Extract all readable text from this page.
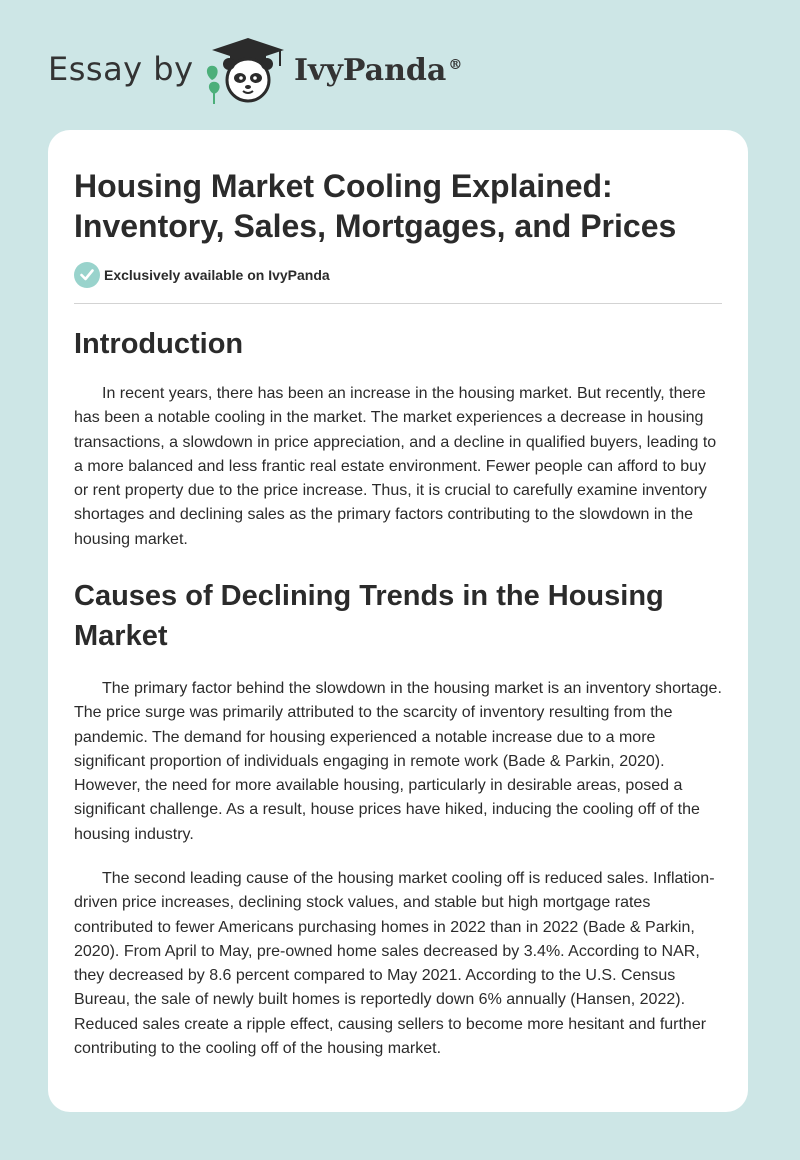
Essay by	IvyPanda ®
Housing Market Cooling Explained: Inventory, Sales, Mortgages, and Prices
Exclusively available on IvyPanda
Introduction

In recent years, there has been an increase in the housing market. But recently, there has been a notable cooling in the market. The market experiences a decrease in housing transactions, a slowdown in price appreciation, and a decline in qualified buyers, leading to a more balanced and less frantic real estate environment. Fewer people can afford to buy or rent property due to the price increase. Thus, it is crucial to carefully examine inventory shortages and declining sales as the primary factors contributing to the slowdown in the housing market.

Causes of Declining Trends in the Housing Market

The primary factor behind the slowdown in the housing market is an inventory shortage. The price surge was primarily attributed to the scarcity of inventory resulting from the pandemic. The demand for housing experienced a notable increase due to a more significant proportion of individuals engaging in remote work (Bade & Parkin, 2020). However, the need for more available housing, particularly in desirable areas, posed a significant challenge. As a result, house prices have hiked, inducing the cooling off of the housing industry.

The second leading cause of the housing market cooling off is reduced sales. Inflation-driven price increases, declining stock values, and stable but high mortgage rates contributed to fewer Americans purchasing homes in 2022 than in 2022 (Bade & Parkin, 2020). From April to May, pre-owned home sales decreased by 3.4%. According to NAR, they decreased by 8.6 percent compared to May 2021. According to the U.S. Census Bureau, the sale of newly built homes is reportedly down 6% annually (Hansen, 2022). Reduced sales create a ripple effect, causing sellers to become more hesitant and further contributing to the cooling off of the housing market.
